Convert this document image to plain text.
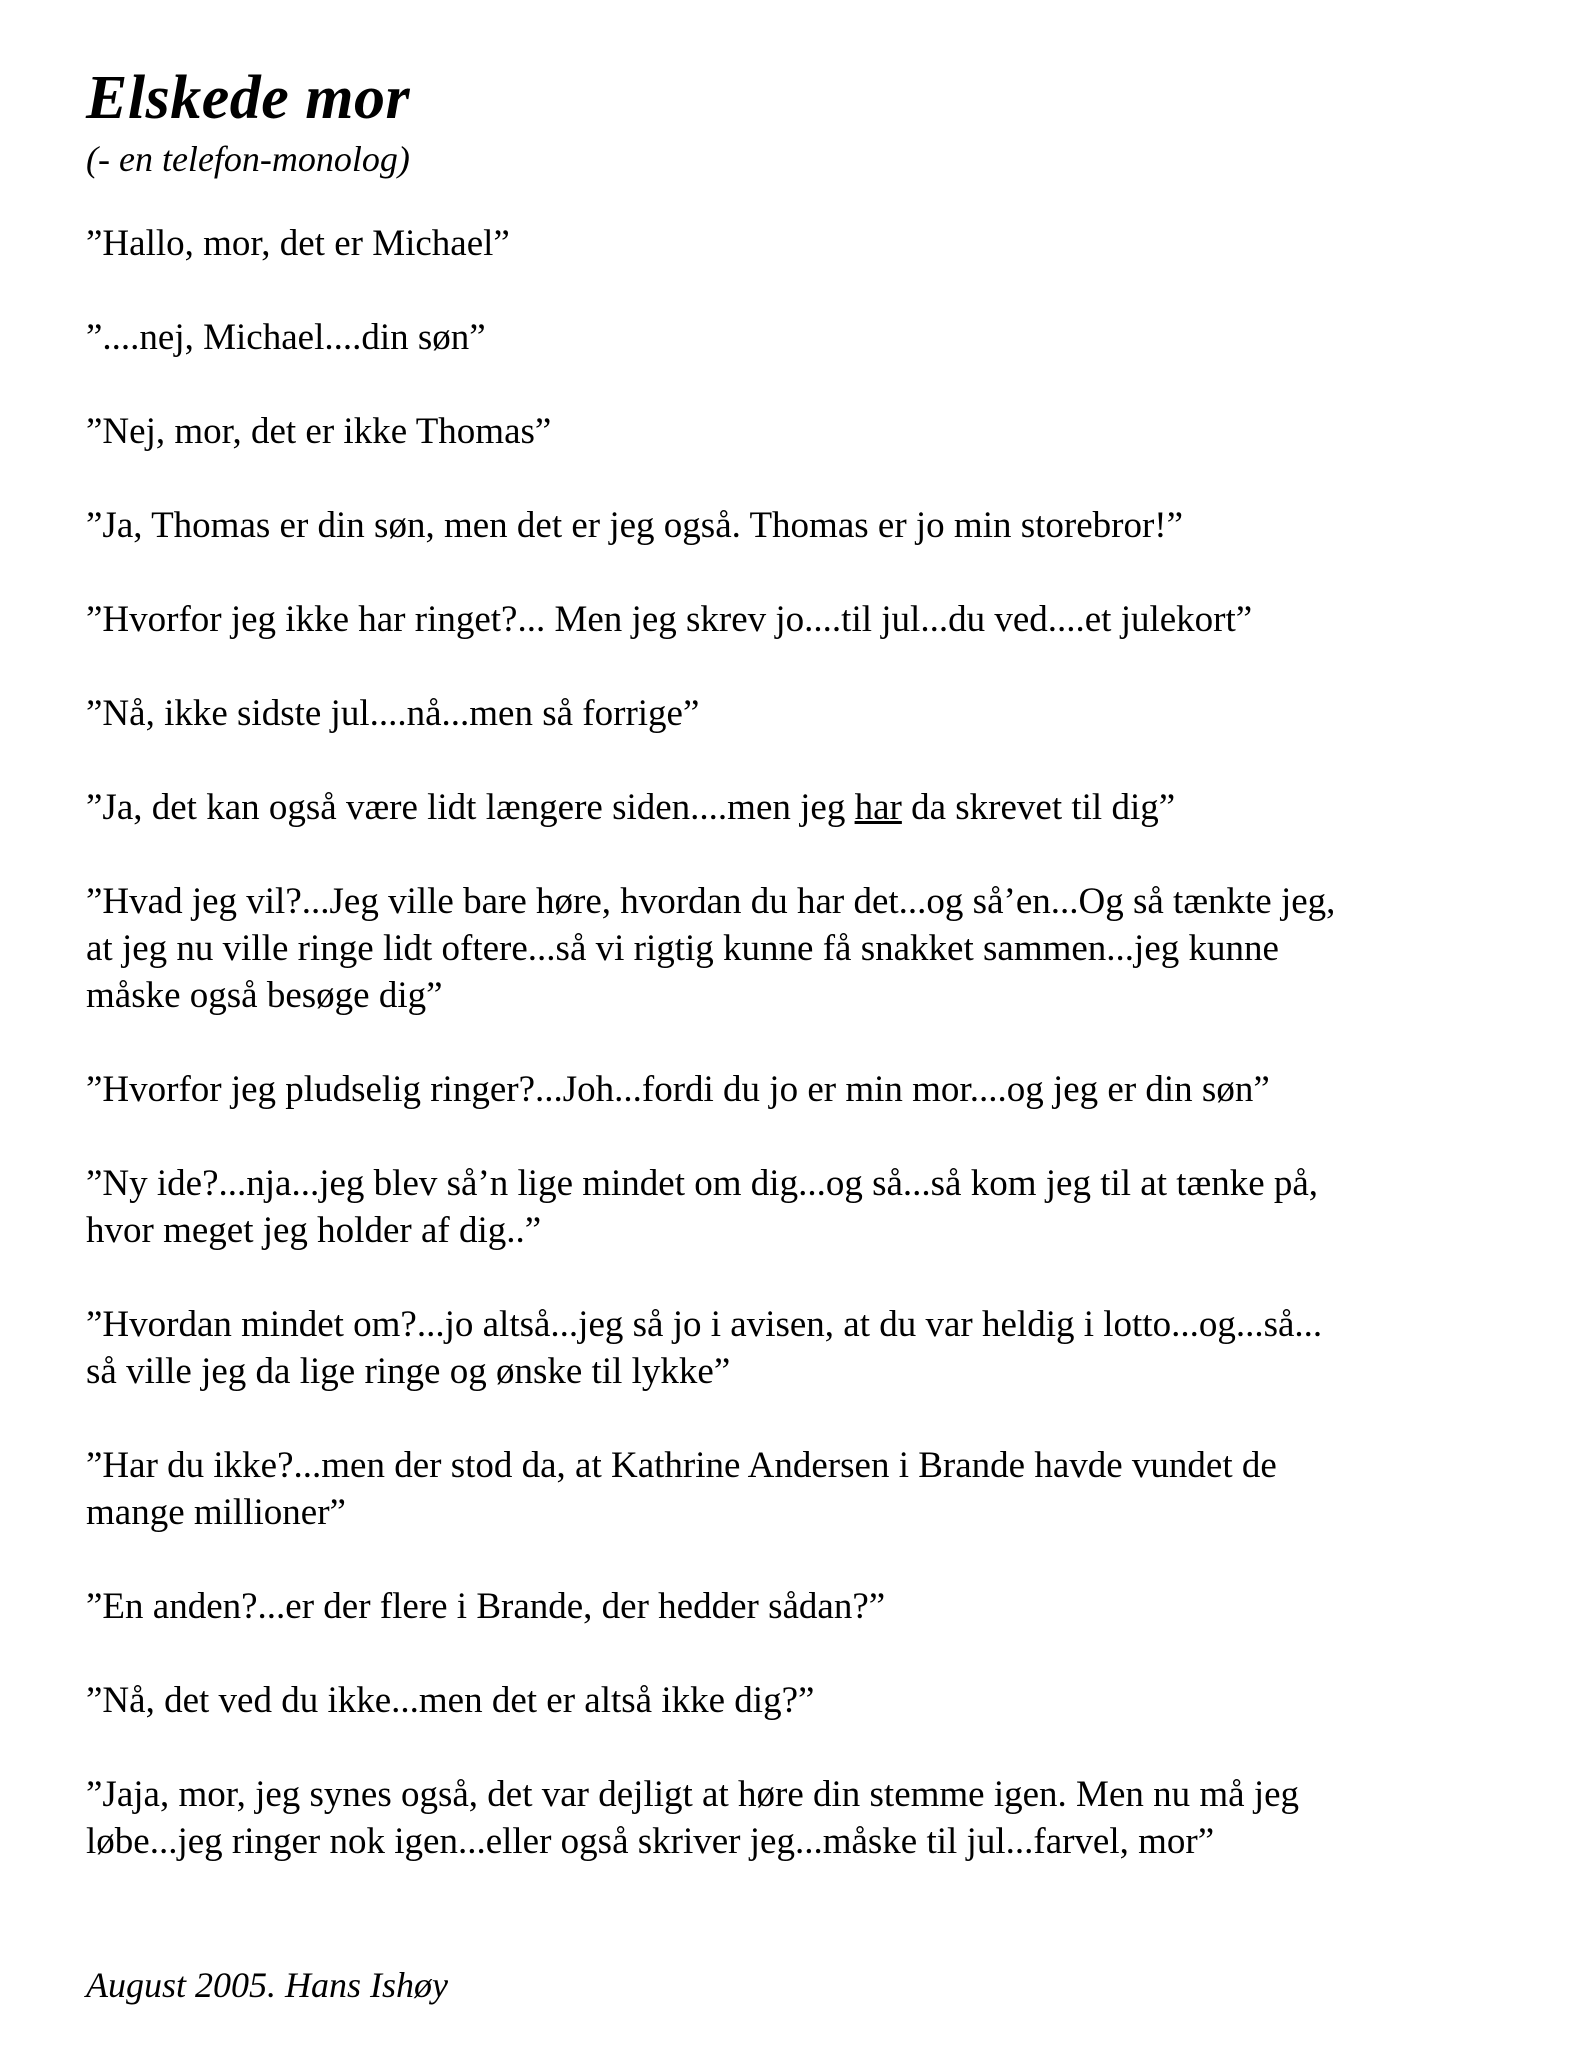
Elskede mor

(- en telefon-monolog)

”Hallo, mor, det er Michael”

”....nej, Michael....din søn”

”Nej, mor, det er ikke Thomas”

”Ja, Thomas er din søn, men det er jeg også. Thomas er jo min storebror!”

”Hvorfor jeg ikke har ringet?... Men jeg skrev jo....til jul...du ved....et julekort”

”Nå, ikke sidste jul....nå...men så forrige”

”Ja, det kan også være lidt længere siden....men jeg har da skrevet til dig”

”Hvad jeg vil?...Jeg ville bare høre, hvordan du har det...og så’en...Og så tænkte jeg,
at jeg nu ville ringe lidt oftere...så vi rigtig kunne få snakket sammen...jeg kunne
måske også besøge dig”

”Hvorfor jeg pludselig ringer?...Joh...fordi du jo er min mor....og jeg er din søn”

”Ny ide?...nja...jeg blev så’n lige mindet om dig...og så...så kom jeg til at tænke på,
hvor meget jeg holder af dig..”

”Hvordan mindet om?...jo altså...jeg så jo i avisen, at du var heldig i lotto...og...så...
så ville jeg da lige ringe og ønske til lykke”

”Har du ikke?...men der stod da, at Kathrine Andersen i Brande havde vundet de
mange millioner”

”En anden?...er der flere i Brande, der hedder sådan?”

”Nå, det ved du ikke...men det er altså ikke dig?”

”Jaja, mor, jeg synes også, det var dejligt at høre din stemme igen. Men nu må jeg
løbe...jeg ringer nok igen...eller også skriver jeg...måske til jul...farvel, mor”

August 2005. Hans Ishøy
